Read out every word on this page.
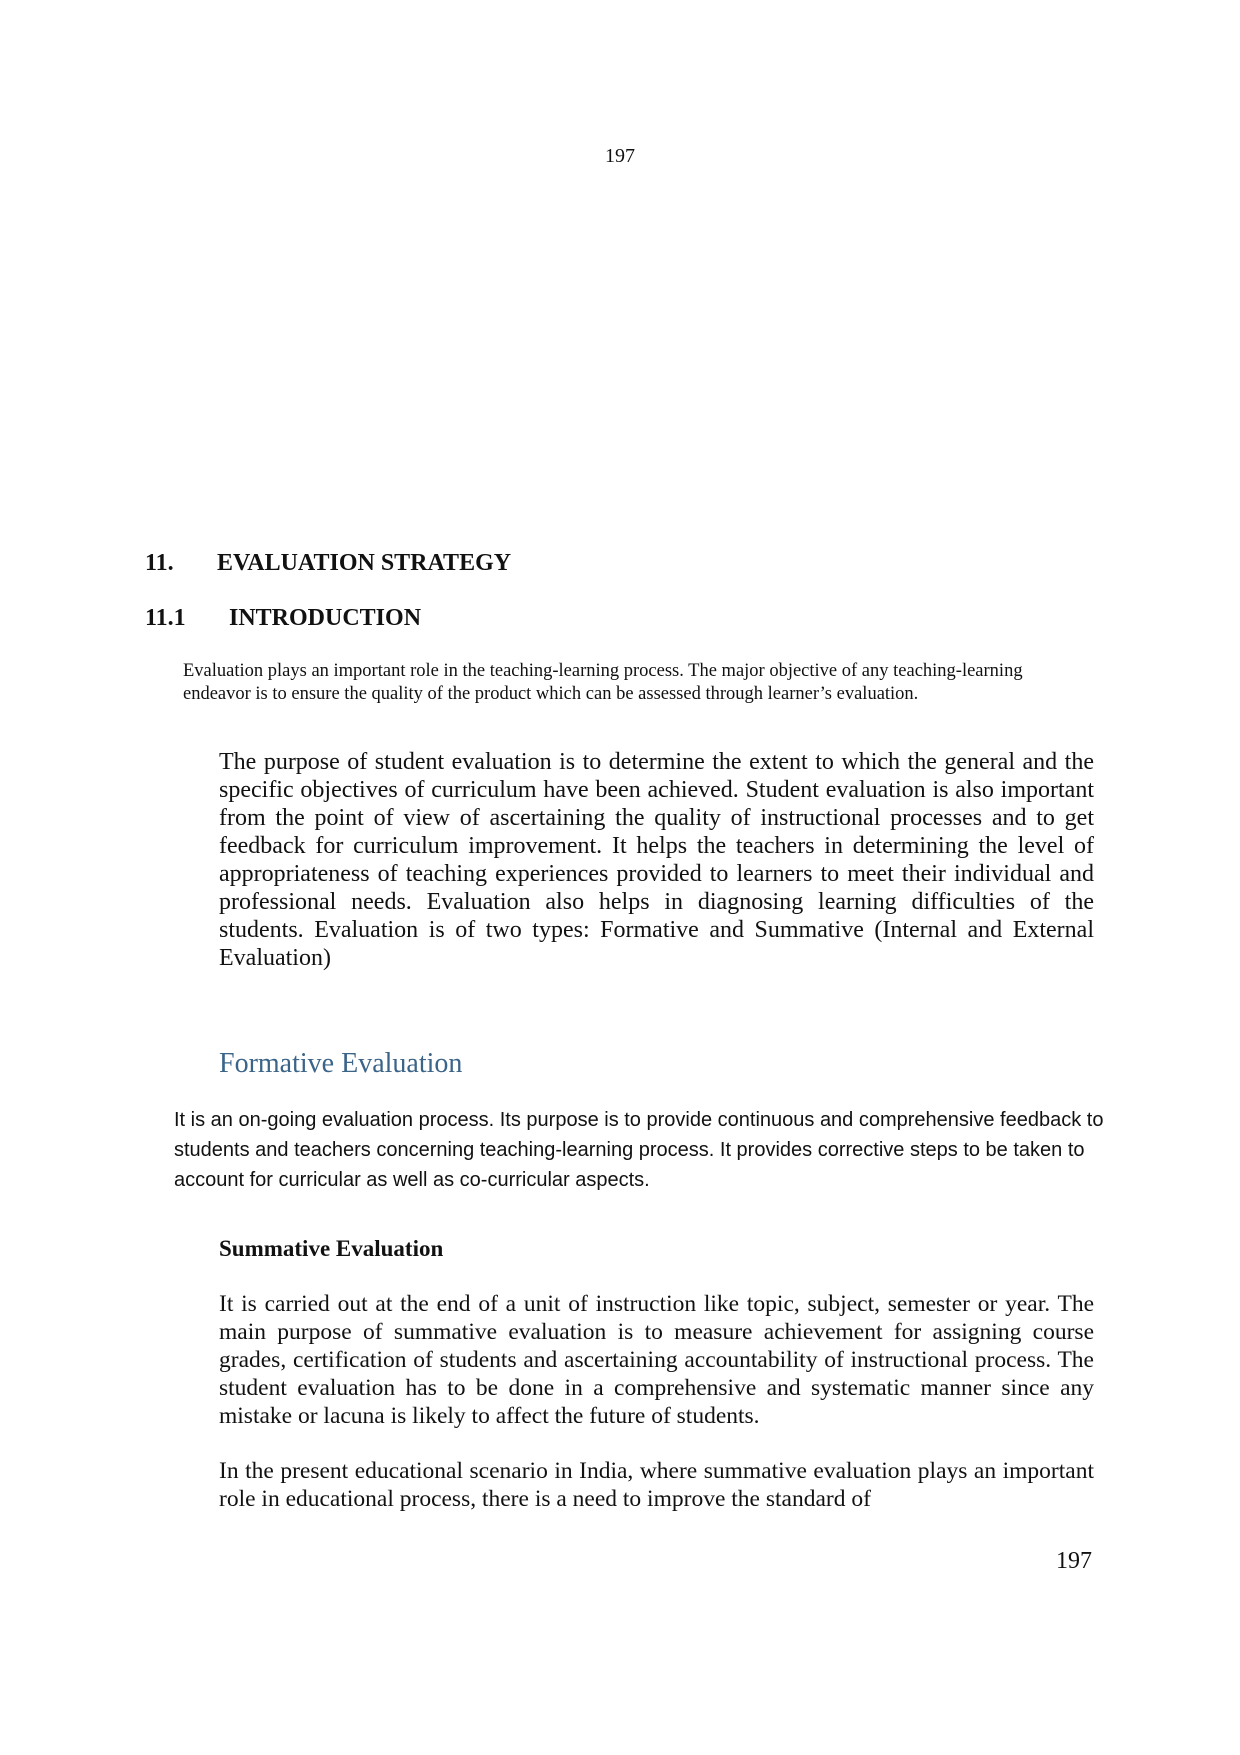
197
11. EVALUATION STRATEGY
11.1 INTRODUCTION

Evaluation plays an important role in the teaching-learning process. The major objective of any teaching-learning endeavor is to ensure the quality of the product which can be assessed through learner’s evaluation.

The purpose of student evaluation is to determine the extent to which the general and the specific objectives of curriculum have been achieved. Student evaluation is also important from the point of view of ascertaining the quality of instructional processes and to get feedback for curriculum improvement. It helps the teachers in determining the level of appropriateness of teaching experiences provided to learners to meet their individual and professional needs. Evaluation also helps in diagnosing learning difficulties of the students. Evaluation is of two types: Formative and Summative (Internal and External Evaluation)

Formative Evaluation

It is an on-going evaluation process. Its purpose is to provide continuous and comprehensive feedback to students and teachers concerning teaching-learning process. It provides corrective steps to be taken to account for curricular as well as co-curricular aspects.

Summative Evaluation

It is carried out at the end of a unit of instruction like topic, subject, semester or year. The main purpose of summative evaluation is to measure achievement for assigning course grades, certification of students and ascertaining accountability of instructional process. The student evaluation has to be done in a comprehensive and systematic manner since any mistake or lacuna is likely to affect the future of students.

In the present educational scenario in India, where summative evaluation plays an important role in educational process, there is a need to improve the standard of

197
